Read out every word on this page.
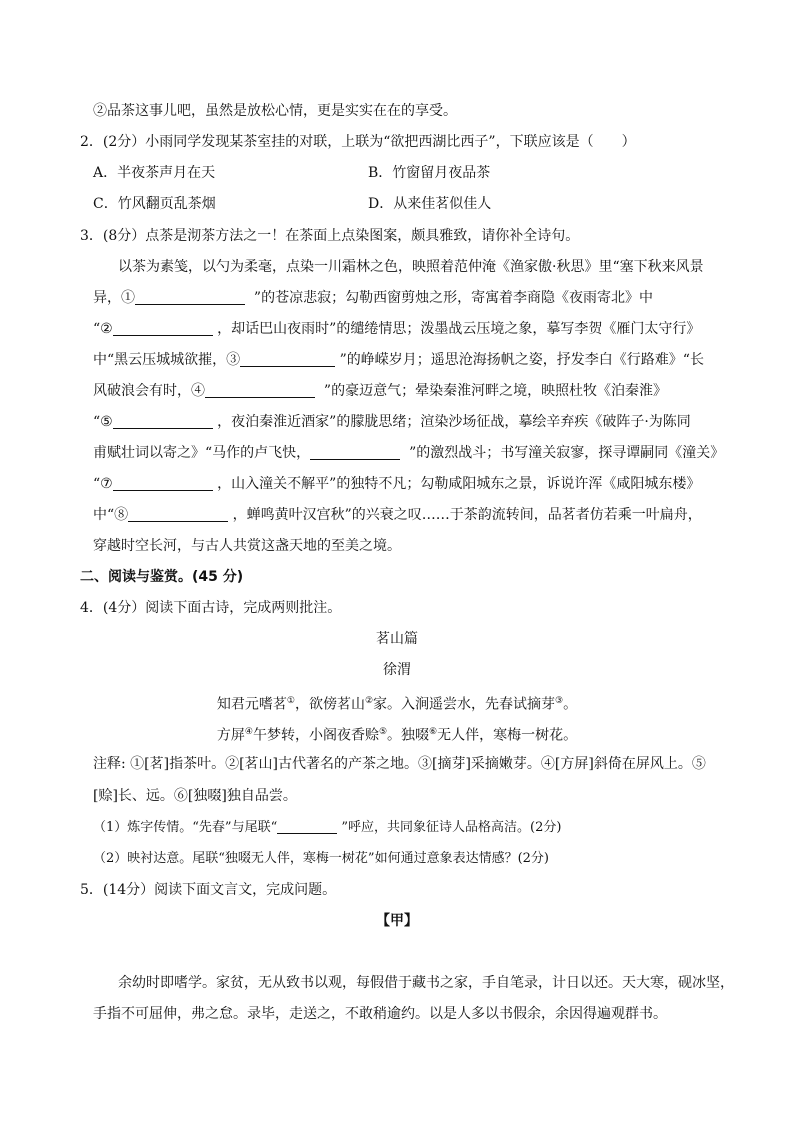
②品茶这事儿吧，虽然是放松心情，更是实实在在的享受。
2．(2分）小雨同学发现某茶室挂的对联，上联为“欲把西湖比西子”，下联应该是（　　）
A．半夜茶声月在天	B．竹窗留月夜品茶
C．竹风翻页乱茶烟	D．从来佳茗似佳人
3．(8分）点茶是沏茶方法之一！在茶面上点染图案，颇具雅致，请你补全诗句。
以茶为素笺，以勺为柔毫，点染一川霜林之色，映照着范仲淹《渔家傲·秋思》里“塞下秋来风景
异，①	”的苍凉悲寂；勾勒西窗剪烛之形，寄寓着李商隐《夜雨寄北》中
“②	，却话巴山夜雨时”的缱绻情思；泼墨战云压境之象，摹写李贺《雁门太守行》
中“黑云压城城欲摧，③	”的峥嵘岁月；遥思沧海扬帆之姿，抒发李白《行路难》“长
风破浪会有时，④	”的豪迈意气；晕染秦淮河畔之境，映照杜牧《泊秦淮》
“⑤	，夜泊秦淮近酒家”的朦胧思绪；渲染沙场征战，摹绘辛弃疾《破阵子·为陈同
甫赋壮词以寄之》“马作的卢飞快，	”的激烈战斗；书写潼关寂寥，探寻谭嗣同《潼关》
“⑦	，山入潼关不解平”的独特不凡；勾勒咸阳城东之景，诉说许浑《咸阳城东楼》
中“⑧	，蝉鸣黄叶汉宫秋”的兴衰之叹……于茶韵流转间，品茗者仿若乘一叶扁舟，
穿越时空长河，与古人共赏这盏天地的至美之境。
二、阅读与鉴赏。(45 分)
4．(4分）阅读下面古诗，完成两则批注。
茗山篇
徐渭
知君元嗜茗①，欲傍茗山②家。入涧遥尝水，先春试摘芽③。
方屏④午梦转，小阁夜香赊⑤。独啜⑥无人伴，寒梅一树花。
注释: ①[茗]指茶叶。②[茗山]古代著名的产茶之地。③[摘芽]采摘嫩芽。④[方屏]斜倚在屏风上。⑤
[赊]长、远。⑥[独啜]独自品尝。
（1）炼字传情。“先春”与尾联“	”呼应，共同象征诗人品格高洁。(2分)
（2）映衬达意。尾联“独啜无人伴，寒梅一树花”如何通过意象表达情感？(2分)
5．(14分）阅读下面文言文，完成问题。
【甲】
余幼时即嗜学。家贫，无从致书以观，每假借于藏书之家，手自笔录，计日以还。天大寒，砚冰坚，
手指不可屈伸，弗之怠。录毕，走送之，不敢稍逾约。以是人多以书假余，余因得遍观群书。
